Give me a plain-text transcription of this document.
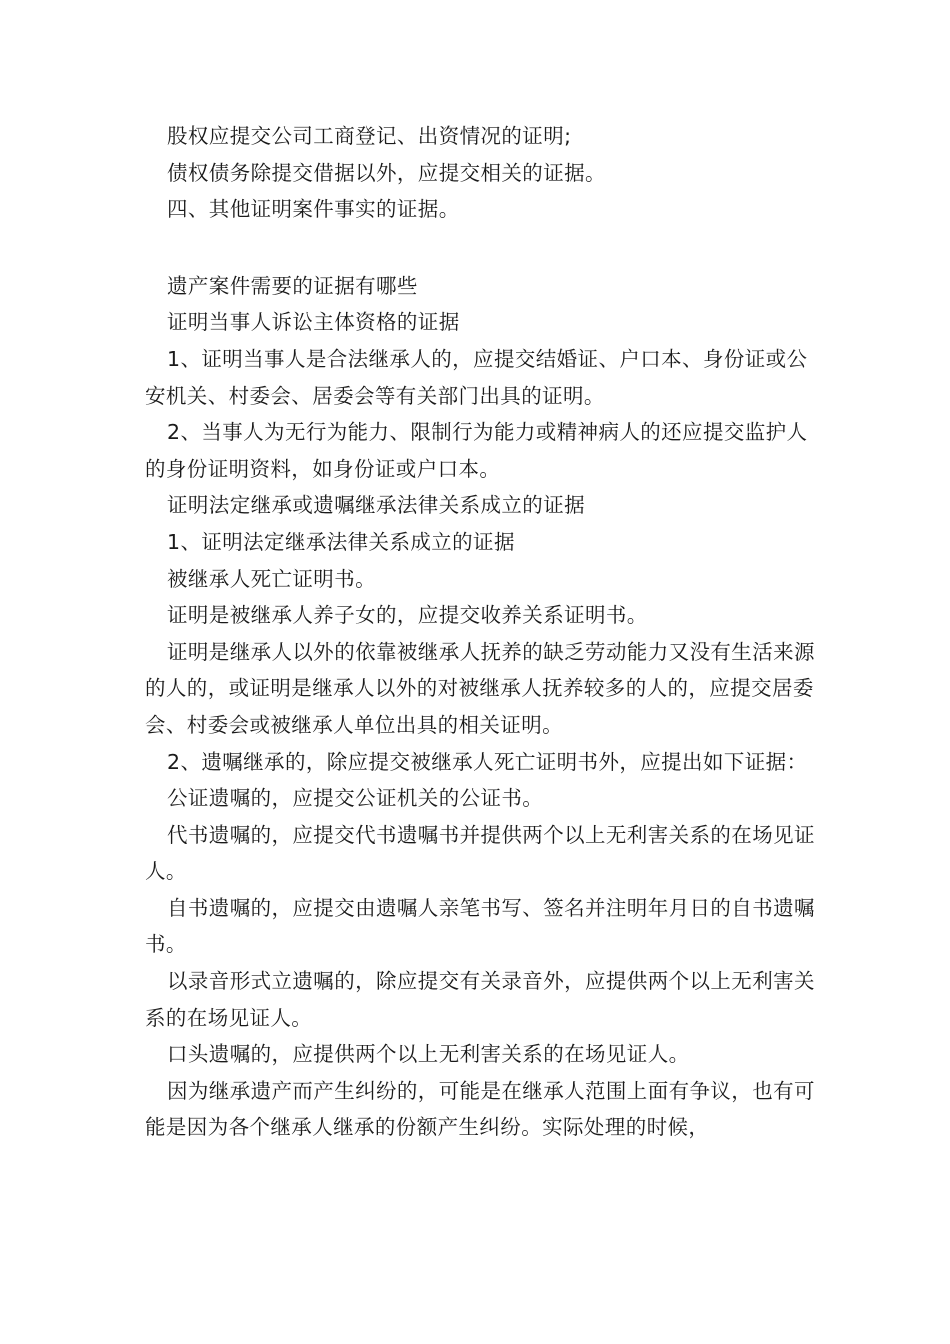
股权应提交公司工商登记、出资情况的证明;

债权债务除提交借据以外，应提交相关的证据。

四、其他证明案件事实的证据。

遗产案件需要的证据有哪些

证明当事人诉讼主体资格的证据

1、证明当事人是合法继承人的，应提交结婚证、户口本、身份证或公安机关、村委会、居委会等有关部门出具的证明。

2、当事人为无行为能力、限制行为能力或精神病人的还应提交监护人的身份证明资料，如身份证或户口本。

证明法定继承或遗嘱继承法律关系成立的证据

1、证明法定继承法律关系成立的证据

被继承人死亡证明书。

证明是被继承人养子女的，应提交收养关系证明书。

证明是继承人以外的依靠被继承人抚养的缺乏劳动能力又没有生活来源的人的，或证明是继承人以外的对被继承人抚养较多的人的，应提交居委会、村委会或被继承人单位出具的相关证明。

2、遗嘱继承的，除应提交被继承人死亡证明书外，应提出如下证据：

公证遗嘱的，应提交公证机关的公证书。

代书遗嘱的，应提交代书遗嘱书并提供两个以上无利害关系的在场见证人。

自书遗嘱的，应提交由遗嘱人亲笔书写、签名并注明年月日的自书遗嘱书。

以录音形式立遗嘱的，除应提交有关录音外，应提供两个以上无利害关系的在场见证人。

口头遗嘱的，应提供两个以上无利害关系的在场见证人。

因为继承遗产而产生纠纷的，可能是在继承人范围上面有争议，也有可能是因为各个继承人继承的份额产生纠纷。实际处理的时候，
